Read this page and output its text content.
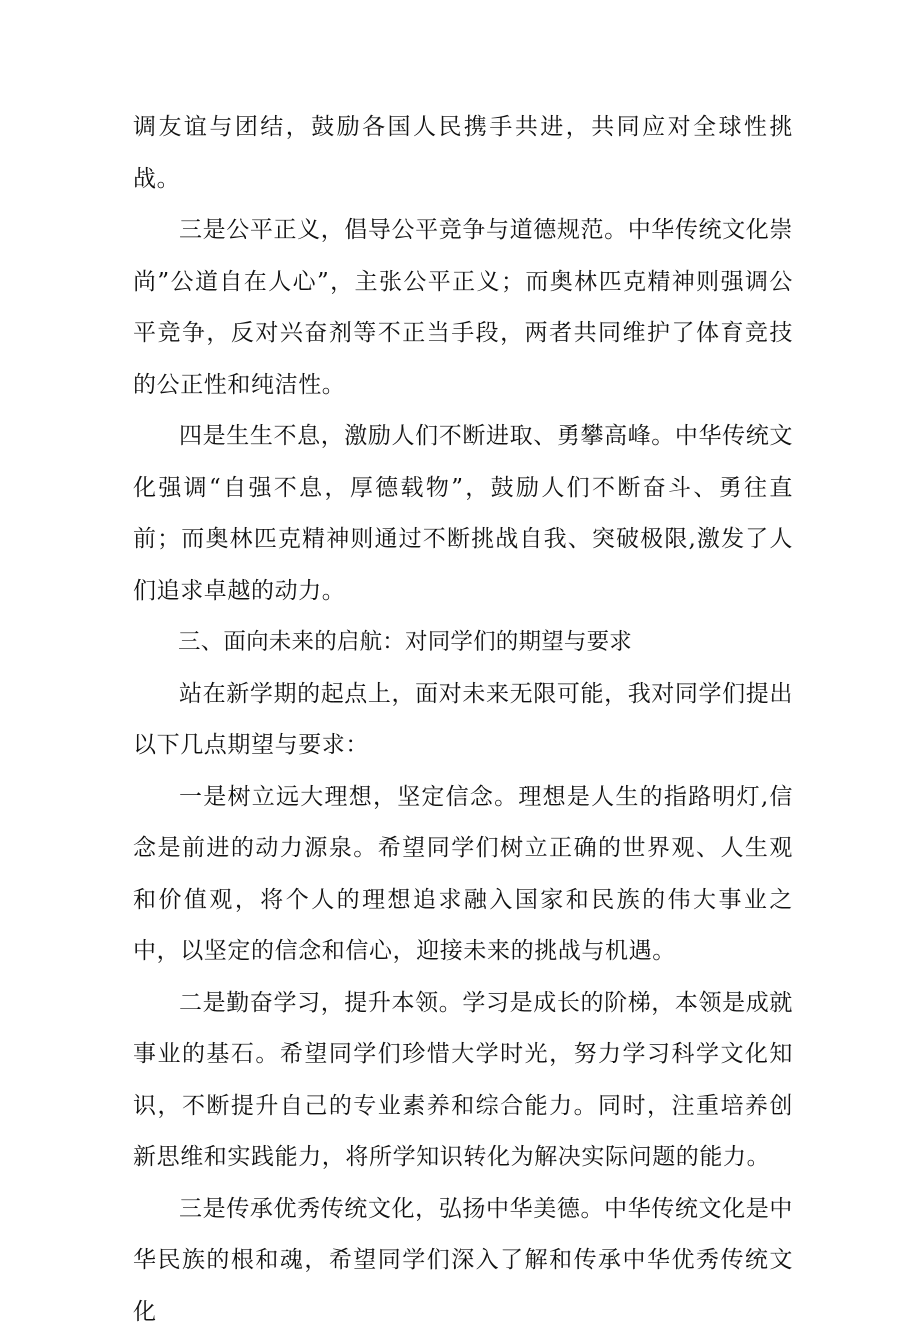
调友谊与团结，鼓励各国人民携手共进，共同应对全球性挑战。

三是公平正义，倡导公平竞争与道德规范。中华传统文化崇尚”公道自在人心”，主张公平正义；而奥林匹克精神则强调公平竞争，反对兴奋剂等不正当手段，两者共同维护了体育竞技的公正性和纯洁性。

四是生生不息，激励人们不断进取、勇攀高峰。中华传统文化强调“自强不息，厚德载物”，鼓励人们不断奋斗、勇往直前；而奥林匹克精神则通过不断挑战自我、突破极限,激发了人们追求卓越的动力。

三、面向未来的启航：对同学们的期望与要求

站在新学期的起点上，面对未来无限可能，我对同学们提出以下几点期望与要求：

一是树立远大理想，坚定信念。理想是人生的指路明灯,信念是前进的动力源泉。希望同学们树立正确的世界观、人生观和价值观，将个人的理想追求融入国家和民族的伟大事业之中，以坚定的信念和信心，迎接未来的挑战与机遇。

二是勤奋学习，提升本领。学习是成长的阶梯，本领是成就事业的基石。希望同学们珍惜大学时光，努力学习科学文化知识，不断提升自己的专业素养和综合能力。同时，注重培养创新思维和实践能力，将所学知识转化为解决实际问题的能力。

三是传承优秀传统文化，弘扬中华美德。中华传统文化是中华民族的根和魂，希望同学们深入了解和传承中华优秀传统文化
